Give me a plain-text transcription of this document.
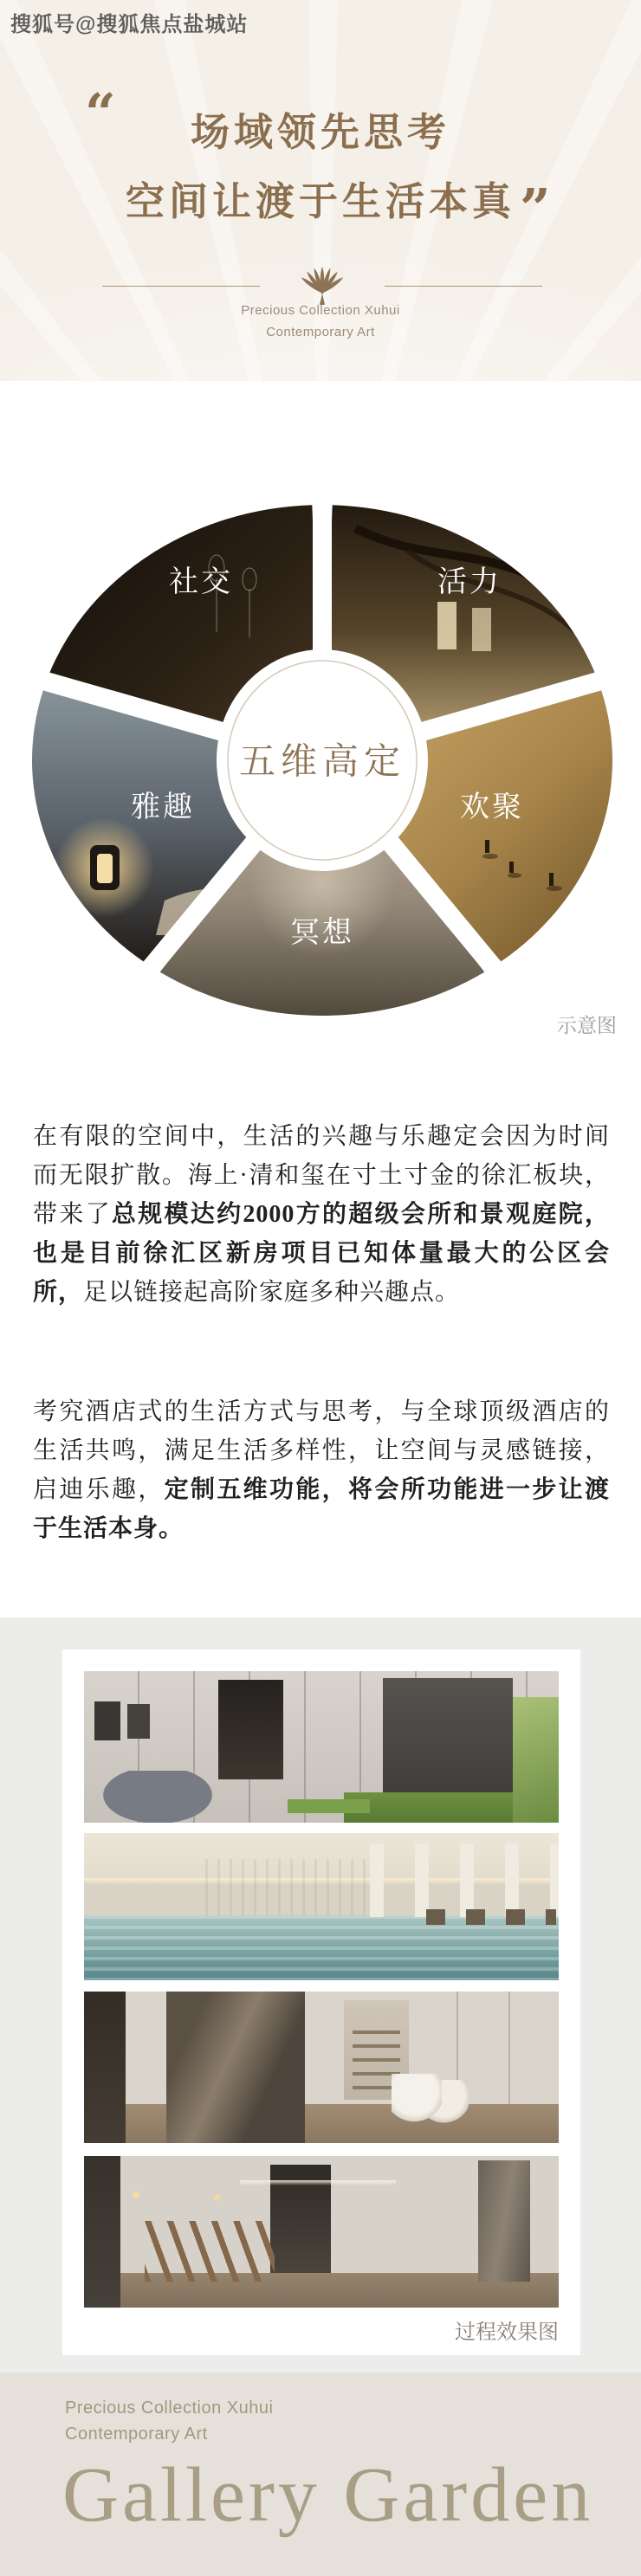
搜狐号@搜狐焦点盐城站
“	场域领先思考
空间让渡于生活本真 ”
Precious Collection Xuhui
Contemporary Art
社交	活力
欢聚
冥想
雅趣
五维高定
示意图

在有限的空间中，生活的兴趣与乐趣定会因为时间而无限扩散。海上·清和玺在寸土寸金的徐汇板块，带来了总规模达约2000方的超级会所和景观庭院，也是目前徐汇区新房项目已知体量最大的公区会所，足以链接起高阶家庭多种兴趣点。

考究酒店式的生活方式与思考，与全球顶级酒店的生活共鸣，满足生活多样性，让空间与灵感链接，启迪乐趣，定制五维功能，将会所功能进一步让渡于生活本身。

过程效果图
Precious Collection Xuhui
Contemporary Art
Gallery Garden
